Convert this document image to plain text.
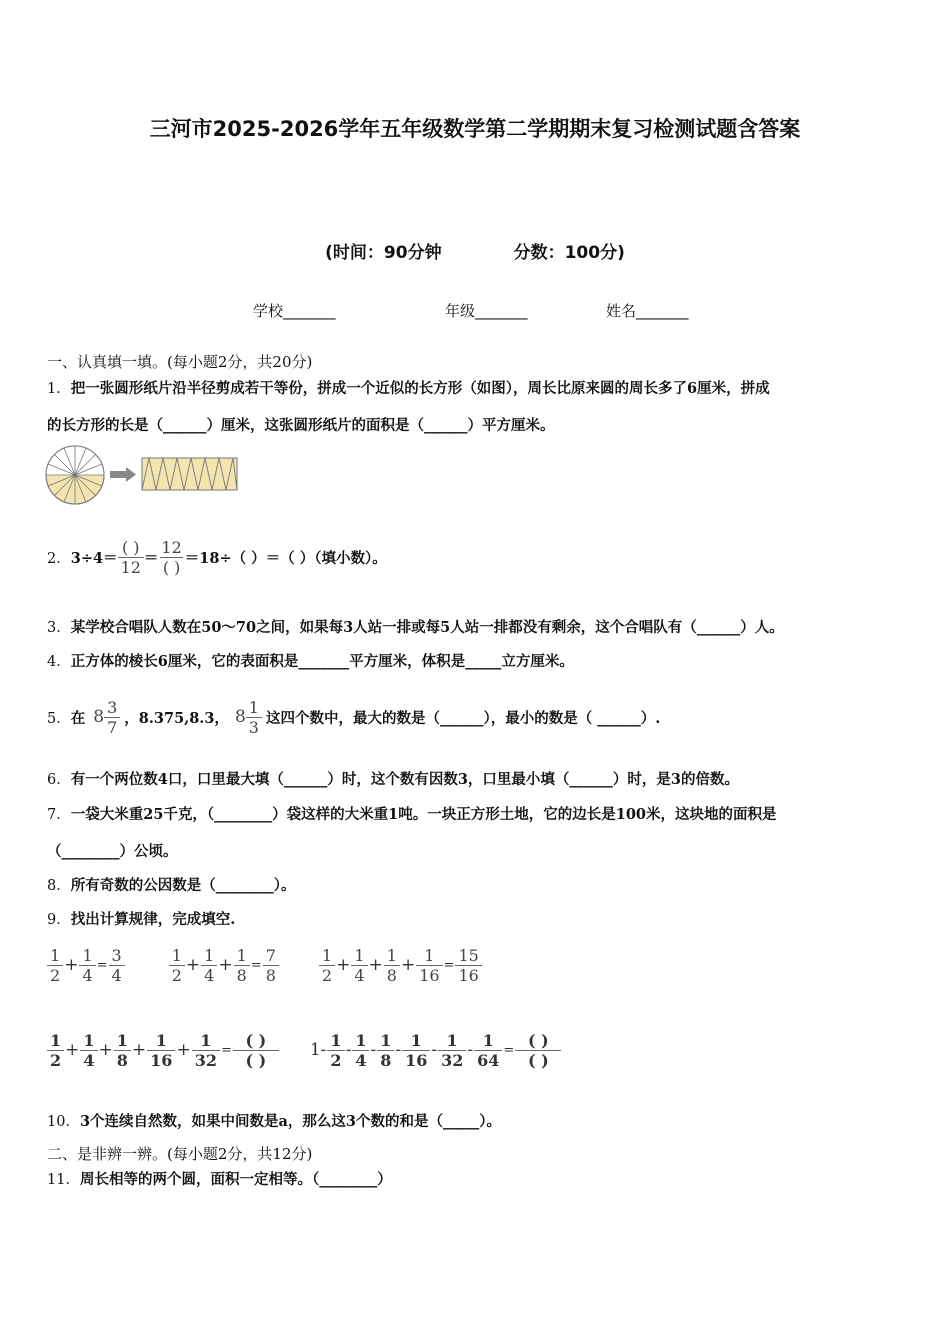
三河市2025-2026学年五年级数学第二学期期末复习检测试题含答案
(时间：90分钟	分数：100分)
学校_______	年级_______	姓名_______
一、认真填一填。(每小题2分，共20分)
1．把一张圆形纸片沿半径剪成若干等份，拼成一个近似的长方形（如图），周长比原来圆的周长多了6厘米，拼成
的长方形的长是（______）厘米，这张圆形纸片的面积是（______）平方厘米。
2． $3\div 4= \frac{( )}{12} = \frac{12}{( )} =18\div$（ ）＝（ ）（填小数）。
3．某学校合唱队人数在50～70之间，如果每3人站一排或每5人站一排都没有剩余，这个合唱队有（______）人。
4．正方体的棱长6厘米，它的表面积是_______平方厘米，体积是_____立方厘米。
5． 在 $8 \frac{3}{7}$ ，8.375,8.3， $8 \frac{1}{3}$ 这四个数中，最大的数是（______），最小的数是（ ______）.
6．有一个两位数4口，口里最大填（______）时，这个数有因数3，口里最小填（______）时，是3的倍数。
7．一袋大米重25千克，（________）袋这样的大米重1吨。一块正方形土地，它的边长是100米，这块地的面积是
（________）公顷。
8．所有奇数的公因数是（________）。
9．找出计算规律，完成填空.
$\frac{1}{2} + \frac{1}{4} = \frac{3}{4}$	$\frac{1}{2} + \frac{1}{4} + \frac{1}{8} = \frac{7}{8}$	$\frac{1}{2} + \frac{1}{4} + \frac{1}{8} + \frac{1}{16} = \frac{15}{16}$
$\frac{1}{2} + \frac{1}{4} + \frac{1}{8} + \frac{1}{16} + \frac{1}{32} = \frac{( )}{( )} 1- \frac{1}{2} - \frac{1}{4} - \frac{1}{8} - \frac{1}{16} - \frac{1}{32} - \frac{1}{64} = \frac{( )}{( )}$
10．3个连续自然数，如果中间数是a，那么这3个数的和是（_____）。
二、是非辨一辨。(每小题2分，共12分)
11．周长相等的两个圆，面积一定相等。（________）
